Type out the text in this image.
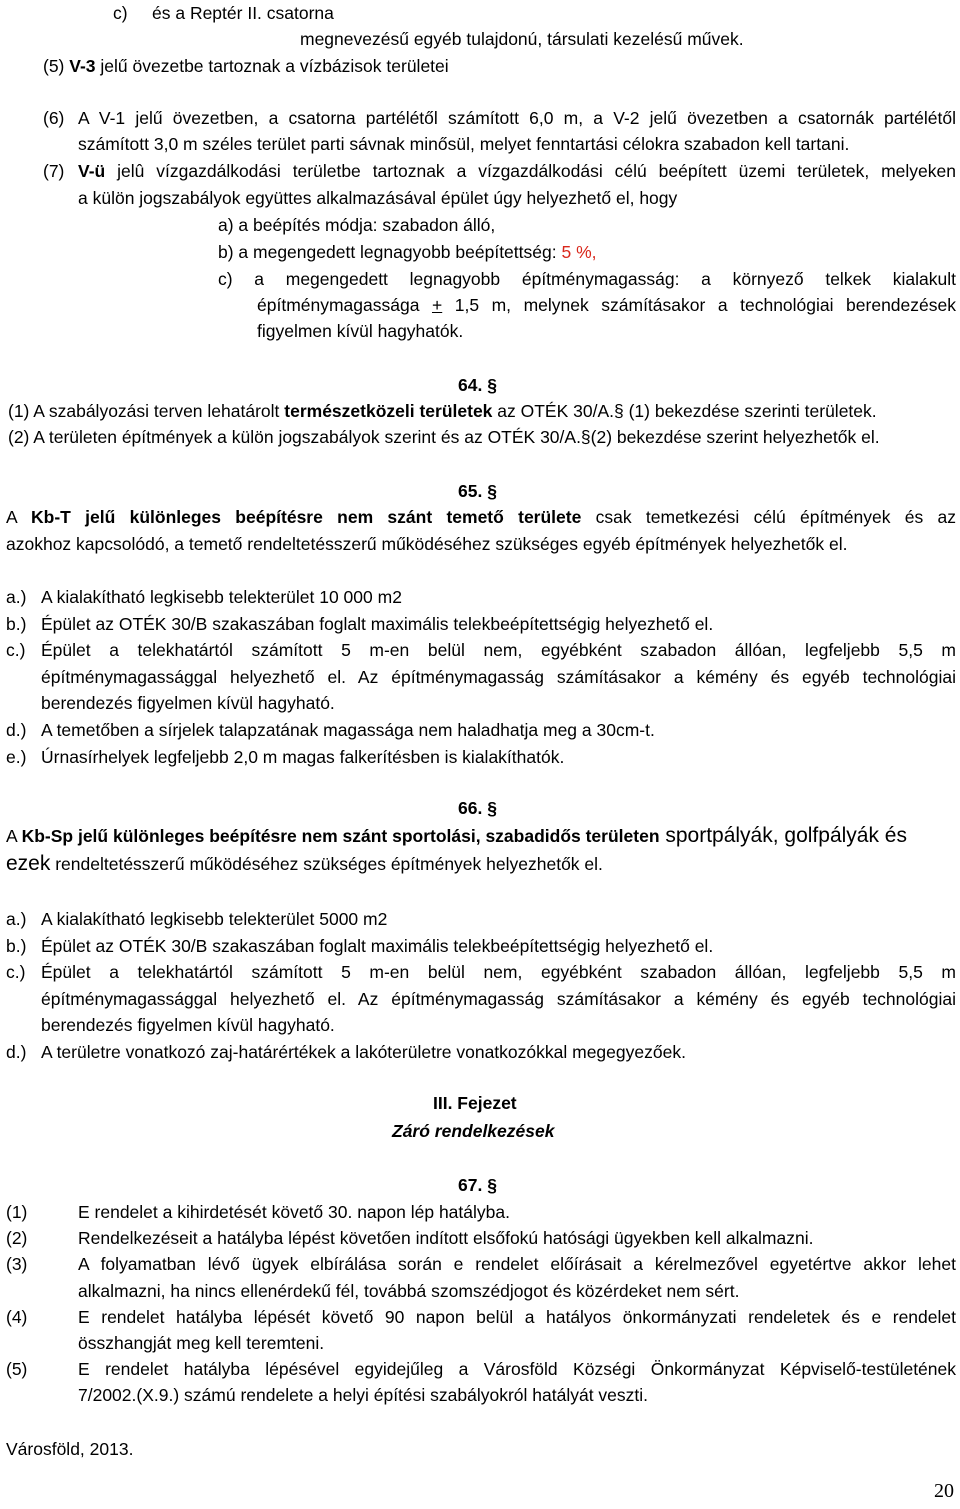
c) és a Reptér II. csatorna
megnevezésű egyéb tulajdonú, társulati kezelésű művek.
(5) V-3 jelű övezetbe tartoznak a vízbázisok területei
(6) A V-1 jelű övezetben, a csatorna partélétől számított 6,0 m, a V-2 jelű övezetben a csatornák partélétől
számított 3,0 m széles terület parti sávnak minősül, melyet fenntartási célokra szabadon kell tartani.
(7) V-ü jelû vízgazdálkodási területbe tartoznak a vízgazdálkodási célú beépített üzemi területek, melyeken
a külön jogszabályok együttes alkalmazásával épület úgy helyezhető el, hogy
a) a beépítés módja: szabadon álló,
b) a megengedett legnagyobb beépítettség: 5 %,
c) a megengedett legnagyobb építménymagasság: a környező telkek kialakult
építménymagassága + 1,5 m, melynek számításakor a technológiai berendezések
figyelmen kívül hagyhatók.
64. §
(1) A szabályozási terven lehatárolt természetközeli területek az OTÉK 30/A.§ (1) bekezdése szerinti területek.
(2) A területen építmények a külön jogszabályok szerint és az OTÉK 30/A.§(2) bekezdése szerint helyezhetők el.
65. §
A Kb-T jelű különleges beépítésre nem szánt temető területe csak temetkezési célú építmények és az
azokhoz kapcsolódó, a temető rendeltetésszerű működéséhez szükséges egyéb építmények helyezhetők el.
a.) A kialakítható legkisebb telekterület 10 000 m2
b.) Épület az OTÉK 30/B szakaszában foglalt maximális telekbeépítettségig helyezhető el.
c.) Épület a telekhatártól számított 5 m-en belül nem, egyébként szabadon állóan, legfeljebb 5,5 m
építménymagassággal helyezhető el. Az építménymagasság számításakor a kémény és egyéb technológiai
berendezés figyelmen kívül hagyható.
d.) A temetőben a sírjelek talapzatának magassága nem haladhatja meg a 30cm-t.
e.) Úrnasírhelyek legfeljebb 2,0 m magas falkerítésben is kialakíthatók.
66. §
A Kb-Sp jelű különleges beépítésre nem szánt sportolási, szabadidős területen sportpályák, golfpályák és
ezek rendeltetésszerű működéséhez szükséges építmények helyezhetők el.
a.) A kialakítható legkisebb telekterület 5000 m2
b.) Épület az OTÉK 30/B szakaszában foglalt maximális telekbeépítettségig helyezhető el.
c.) Épület a telekhatártól számított 5 m-en belül nem, egyébként szabadon állóan, legfeljebb 5,5 m
építménymagassággal helyezhető el. Az építménymagasság számításakor a kémény és egyéb technológiai
berendezés figyelmen kívül hagyható.
d.) A területre vonatkozó zaj-határértékek a lakóterületre vonatkozókkal megegyezőek.
III. Fejezet
Záró rendelkezések
67. §
(1)	E rendelet a kihirdetését követő 30. napon lép hatályba.
(2)	Rendelkezéseit a hatályba lépést követően indított elsőfokú hatósági ügyekben kell alkalmazni.
(3)	A folyamatban lévő ügyek elbírálása során e rendelet előírásait a kérelmezővel egyetértve akkor lehet
alkalmazni, ha nincs ellenérdekű fél, továbbá szomszédjogot és közérdeket nem sért.
(4)	E rendelet hatályba lépését követő 90 napon belül a hatályos önkormányzati rendeletek és e rendelet
összhangját meg kell teremteni.
(5)	E rendelet hatályba lépésével egyidejűleg a Városföld Községi Önkormányzat Képviselő-testületének
7/2002.(X.9.) számú rendelete a helyi építési szabályokról hatályát veszti.
Városföld, 2013.
20
